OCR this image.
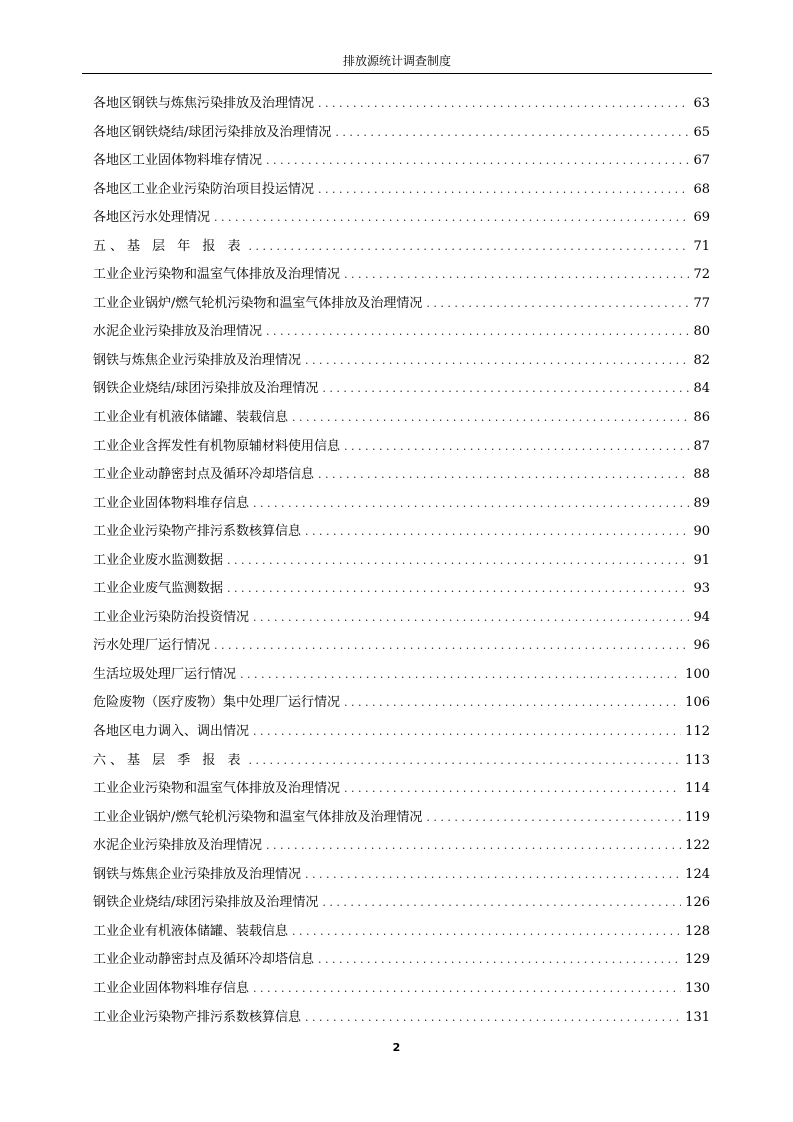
排放源统计调查制度
各地区钢铁与炼焦污染排放及治理情况 . . .	63
各地区钢铁烧结/球团污染排放及治理情况 . . .	65
各地区工业固体物料堆存情况 . . .	67
各地区工业企业污染防治项目投运情况 . . .	68
各地区污水处理情况 . . .	69
五、基 层 年 报 表 . . .	71
工业企业污染物和温室气体排放及治理情况 . . .	72
工业企业锅炉/燃气轮机污染物和温室气体排放及治理情况 . . .	77
水泥企业污染排放及治理情况 . . .	80
钢铁与炼焦企业污染排放及治理情况 . . .	82
钢铁企业烧结/球团污染排放及治理情况 . . .	84
工业企业有机液体储罐、装载信息 . . .	86
工业企业含挥发性有机物原辅材料使用信息 . . .	87
工业企业动静密封点及循环冷却塔信息 . . .	88
工业企业固体物料堆存信息 . . .	89
工业企业污染物产排污系数核算信息 . . .	90
工业企业废水监测数据 . . .	91
工业企业废气监测数据 . . .	93
工业企业污染防治投资情况 . . .	94
污水处理厂运行情况 . . .	96
生活垃圾处理厂运行情况 . . .	100
危险废物（医疗废物）集中处理厂运行情况 . . .	106
各地区电力调入、调出情况 . . .	112
六、基 层 季 报 表 . . .	113
工业企业污染物和温室气体排放及治理情况 . . .	114
工业企业锅炉/燃气轮机污染物和温室气体排放及治理情况 . . .	119
水泥企业污染排放及治理情况 . . .	122
钢铁与炼焦企业污染排放及治理情况 . . .	124
钢铁企业烧结/球团污染排放及治理情况 . . .	126
工业企业有机液体储罐、装载信息 . . .	128
工业企业动静密封点及循环冷却塔信息 . . .	129
工业企业固体物料堆存信息 . . .	130
工业企业污染物产排污系数核算信息 . . .	131
2
